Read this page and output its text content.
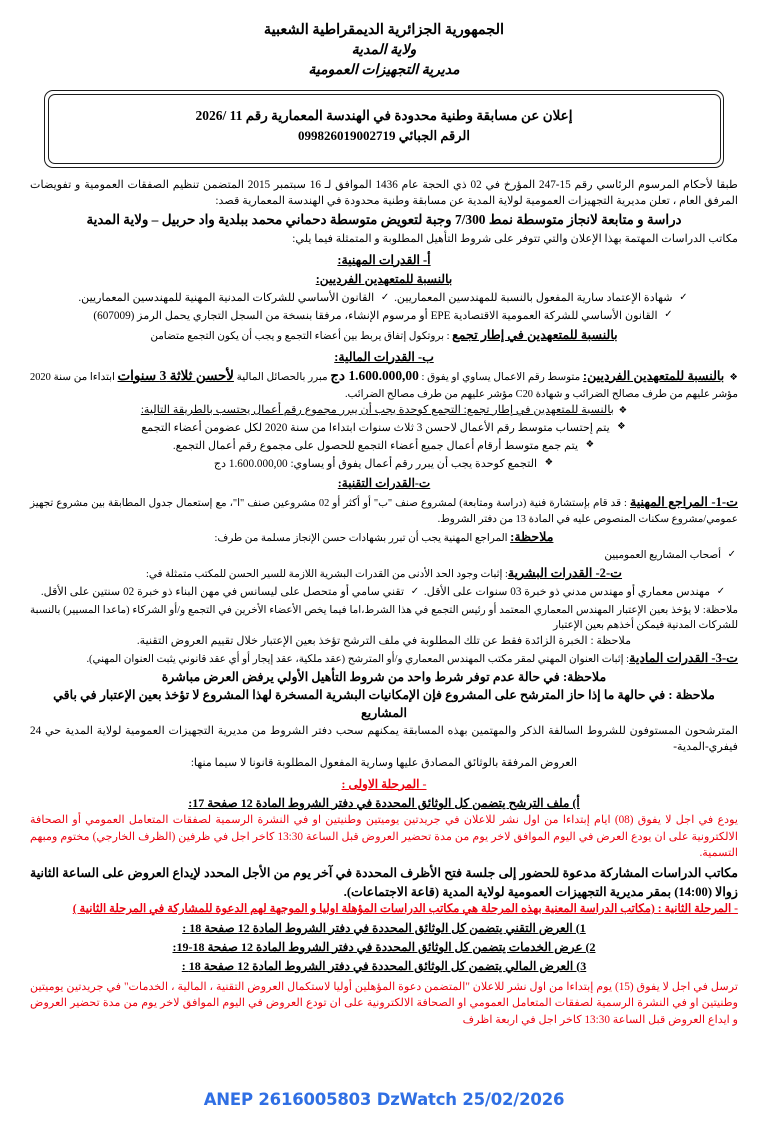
الجمهورية الجزائرية الديمقراطية الشعبية
ولاية المدية
مديرية التجهيزات العمومية
إعلان عن مسابقة وطنية محدودة في الهندسة المعمارية رقم 11 /2026
الرقم الجبائي 099826019002719

طبقا لأحكام المرسوم الرئاسي رقم 15-247 المؤرخ في 02 ذي الحجة عام 1436 الموافق لـ 16 سبتمبر 2015 المتضمن تنظيم الصفقات العمومية و تفويضات المرفق العام ، تعلن مديرية التجهيزات العمومية لولاية المدية عن مسابقة وطنية محدودة في الهندسة المعمارية قصد:

دراسة و متابعة لانجاز متوسطة نمط 7/300 وجبة لتعويض متوسطة دحماني محمد ببلدية واد حربيل – ولاية المدية

مكاتب الدراسات المهتمة بهذا الإعلان والتي تتوفر على شروط التأهيل المطلوبة و المتمثلة فيما يلي:

أ- القدرات المهنية:
بالنسبة للمتعهدين الفرديين:
✓ شهادة الإعتماد سارية المفعول بالنسبة للمهندسين المعماريين. ✓ القانون الأساسي للشركات المدنية المهنية للمهندسين المعماريين. ✓ القانون الأساسي للشركة العمومية الاقتصادية EPE أو مرسوم الإنشاء، مرفقا بنسخة من السجل التجاري يحمل الرمز (607009)
بالنسبة للمتعهدين في إطار تجمع : بروتكول إتفاق يربط بين أعضاء التجمع و يجب أن يكون التجمع متضامن
ب- القدرات المالية:
❖  بالنسبة للمتعهدين الفرديين: متوسط رقم الاعمال يساوي او يفوق : 1.600.000,00 دج مبرر بالحصائل المالية لأحسن ثلاثة 3 سنوات ابتداءا من سنة 2020 مؤشر عليهم من طرف مصالح الضرائب و شهادة C20 مؤشر عليهم من طرف مصالح الضرائب.
❖  بالنسبة للمتعهدين في إطار تجمع: التجمع كوحدة يجب أن يبرر مجموع رقم أعمال يحتسب بالطريقة التالية:
❖ يتم إحتساب متوسط رقم الأعمال لاحسن 3 ثلاث سنوات ابتداءا من سنة 2020 لكل عضومن أعضاء التجمع ❖ يتم جمع متوسط أرقام أعمال جميع أعضاء التجمع للحصول على مجموع رقم أعمال التجمع. ❖ التجمع كوحدة يجب أن يبرر رقم أعمال يفوق أو يساوي: 1.600.000,00 دج
ت-القدرات التقنية:

ت-1- المراجع المهنية : قد قام بإستشارة فنية (دراسة ومتابعة) لمشروع صنف "ب" أو أكثر أو 02 مشروعين صنف "ا"، مع إستعمال جدول المطابقة بين مشروع تجهيز عمومي/مشروع سكنات المنصوص عليه في المادة 13 من دفتر الشروط.

ملاحظة: المراجع المهنية يجب أن تبرر بشهادات حسن الإنجاز مسلمة من طرف:
✓ أصحاب المشاريع العموميين
ت-2- القدرات البشرية: إثبات وجود الحد الأدنى من القدرات البشرية اللازمة للسير الحسن للمكتب متمثلة في:
✓ مهندس معماري أو مهندس مدني ذو خبرة 03 سنوات على الأقل. ✓ تقني سامي أو متحصل على ليسانس في مهن البناء ذو خبرة 02 سنتين على الأقل.

ملاحظة: لا يؤخذ بعين الإعتبار المهندس المعماري المعتمد أو رئيس التجمع في هذا الشرط،اما فيما يخص الأعضاء الأخرين في التجمع و/أو الشركاء (ماعدا المسيير) بالنسبة للشركات المدنية فيمكن أخذهم بعين الإعتبار

ملاحظة : الخبرة الزائدة فقط عن تلك المطلوبة في ملف الترشح تؤخذ بعين الإعتبار خلال تقييم العروض التقنية.

ت-3- القدرات المادية: إثبات العنوان المهني لمقر مكتب المهندس المعماري و/أو المترشح (عقد ملكية، عقد إيجار أو أي عقد قانوني يثبت العنوان المهني).

ملاحظة: في حالة عدم توفر شرط واحد من شروط التأهيل الأولي يرفض العرض مباشرة

ملاحظة : في حالهة ما إذا حاز المترشح على المشروع فإن الإمكانيات البشرية المسخرة لهذا المشروع لا تؤخذ بعين الإعتبار في باقي المشاريع

المترشحون المستوفون للشروط السالفة الذكر والمهتمين بهذه المسابقة يمكنهم سحب دفتر الشروط من مديرية التجهيزات العمومية لولاية المدية حي 24 فيفري-المدية-

العروض المرفقة بالوثائق المصادق عليها وسارية المفعول المطلوبة قانونا لا سيما منها:

- المرحلة الاولى :
أ) ملف الترشح يتضمن كل الوثائق المحددة في دفتر الشروط المادة 12 صفحة 17:

يودع في اجل لا يفوق (08) ايام إبتداءا من اول نشر للاعلان في جريدتين يوميتين وطنيتين او في النشرة الرسمية لصفقات المتعامل العمومي أو الصحافة الالكترونية على ان يودع العرض في اليوم الموافق لاخر يوم من مدة تحضير العروض قبل الساعة 13:30 كاخر اجل في ظرفين (الظرف الخارجي) مختوم ومبهم التسمية.

مكاتب الدراسات المشاركة مدعوة للحضور إلى جلسة فتح الأظرف المحددة في آخر يوم من الأجل المحدد لإيداع العروض على الساعة الثانية زوالا (14:00) بمقر مديرية التجهيزات العمومية لولاية المدية (قاعة الاجتماعات).

- المرحلة الثانية : (مكاتب الدراسة المعنية بهذه المرحلة هي مكاتب الدراسات المؤهلة اوليا و الموجهة لهم الدعوة للمشاركة في المرحلة الثانية )

1) العرض التقني يتضمن كل الوثائق المحددة في دفتر الشروط المادة 12 صفحة 18 :
2) عرض الخدمات يتضمن كل الوثائق المحددة في دفتر الشروط المادة 12 صفحة 18-19:
3) العرض المالي يتضمن كل الوثائق المحددة في دفتر الشروط المادة 12 صفحة 18 :

ترسل في اجل لا يفوق (15) يوم إبتداءا من اول نشر للاعلان "المتضمن دعوة المؤهلين أوليا لاستكمال العروض التقنية ، المالية ، الخدمات" في جريدتين يوميتين وطنيتين او في النشرة الرسمية لصفقات المتعامل العمومي او الصحافة الالكترونية على ان تودع العروض في اليوم الموافق لاخر يوم من مدة تحضير العروض و ايداع العروض قبل الساعة 13:30 كاخر اجل في اربعة اظرف

ANEP 2616005803 DzWatch 25/02/2026
